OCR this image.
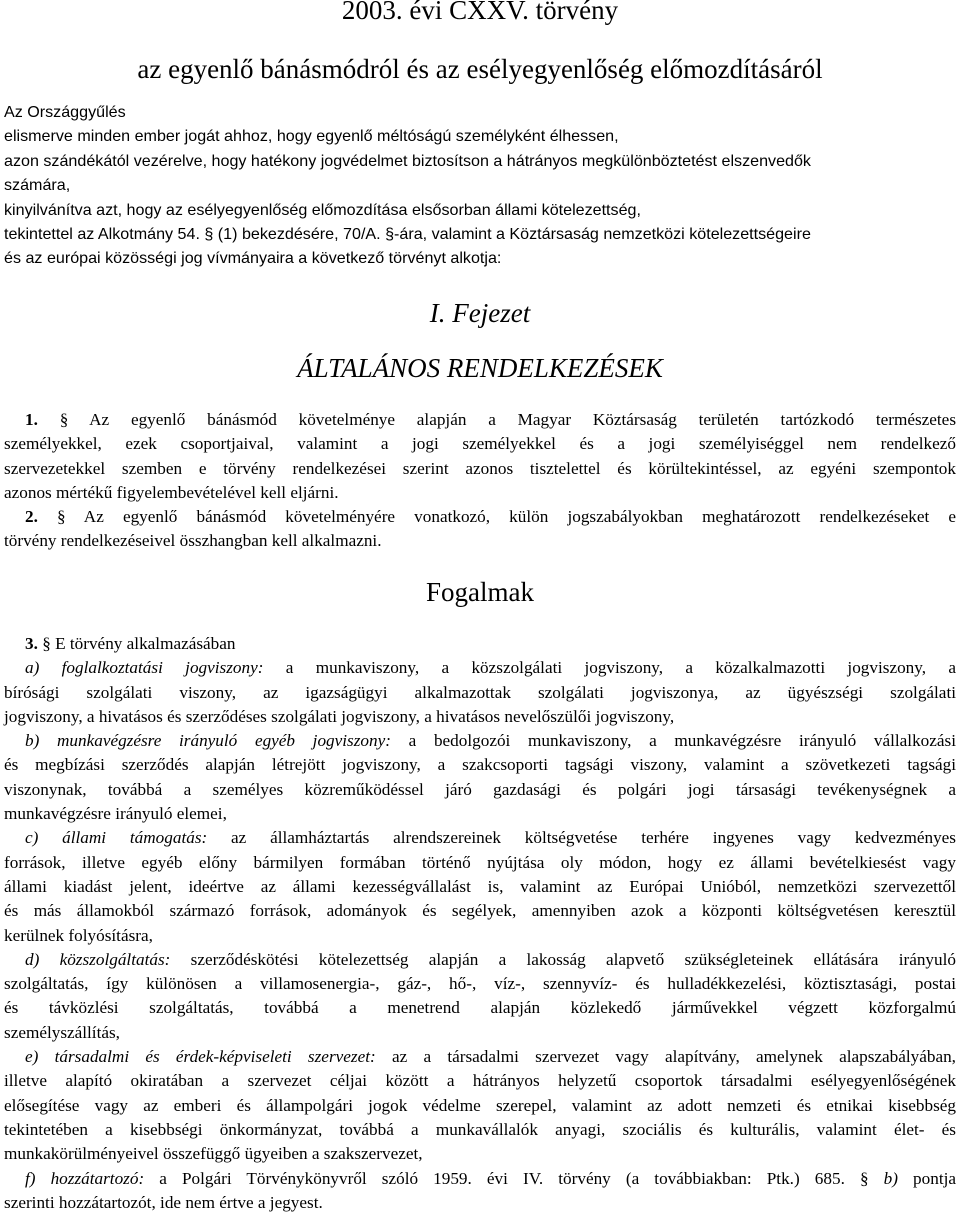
2003. évi CXXV. törvény
az egyenlő bánásmódról és az esélyegyenlőség előmozdításáról
Az Országgyűlés
elismerve minden ember jogát ahhoz, hogy egyenlő méltóságú személyként élhessen,
azon szándékától vezérelve, hogy hatékony jogvédelmet biztosítson a hátrányos megkülönböztetést elszenvedők
számára,
kinyilvánítva azt, hogy az esélyegyenlőség előmozdítása elsősorban állami kötelezettség,
tekintettel az Alkotmány 54. § (1) bekezdésére, 70/A. §-ára, valamint a Köztársaság nemzetközi kötelezettségeire
és az európai közösségi jog vívmányaira a következő törvényt alkotja:
I. Fejezet
ÁLTALÁNOS RENDELKEZÉSEK
1. § Az egyenlő bánásmód követelménye alapján a Magyar Köztársaság területén tartózkodó természetes
személyekkel, ezek csoportjaival, valamint a jogi személyekkel és a jogi személyiséggel nem rendelkező
szervezetekkel szemben e törvény rendelkezései szerint azonos tisztelettel és körültekintéssel, az egyéni szempontok
azonos mértékű figyelembevételével kell eljárni.
2. § Az egyenlő bánásmód követelményére vonatkozó, külön jogszabályokban meghatározott rendelkezéseket e
törvény rendelkezéseivel összhangban kell alkalmazni.
Fogalmak
3. § E törvény alkalmazásában
a) foglalkoztatási jogviszony: a munkaviszony, a közszolgálati jogviszony, a közalkalmazotti jogviszony, a
bírósági szolgálati viszony, az igazságügyi alkalmazottak szolgálati jogviszonya, az ügyészségi szolgálati
jogviszony, a hivatásos és szerződéses szolgálati jogviszony, a hivatásos nevelőszülői jogviszony,
b) munkavégzésre irányuló egyéb jogviszony: a bedolgozói munkaviszony, a munkavégzésre irányuló vállalkozási
és megbízási szerződés alapján létrejött jogviszony, a szakcsoporti tagsági viszony, valamint a szövetkezeti tagsági
viszonynak, továbbá a személyes közreműködéssel járó gazdasági és polgári jogi társasági tevékenységnek a
munkavégzésre irányuló elemei,
c) állami támogatás: az államháztartás alrendszereinek költségvetése terhére ingyenes vagy kedvezményes
források, illetve egyéb előny bármilyen formában történő nyújtása oly módon, hogy ez állami bevételkiesést vagy
állami kiadást jelent, ideértve az állami kezességvállalást is, valamint az Európai Unióból, nemzetközi szervezettől
és más államokból származó források, adományok és segélyek, amennyiben azok a központi költségvetésen keresztül
kerülnek folyósításra,
d) közszolgáltatás: szerződéskötési kötelezettség alapján a lakosság alapvető szükségleteinek ellátására irányuló
szolgáltatás, így különösen a villamosenergia-, gáz-, hő-, víz-, szennyvíz- és hulladékkezelési, köztisztasági, postai
és távközlési szolgáltatás, továbbá a menetrend alapján közlekedő járművekkel végzett közforgalmú
személyszállítás,
e) társadalmi és érdek-képviseleti szervezet: az a társadalmi szervezet vagy alapítvány, amelynek alapszabályában,
illetve alapító okiratában a szervezet céljai között a hátrányos helyzetű csoportok társadalmi esélyegyenlőségének
elősegítése vagy az emberi és állampolgári jogok védelme szerepel, valamint az adott nemzeti és etnikai kisebbség
tekintetében a kisebbségi önkormányzat, továbbá a munkavállalók anyagi, szociális és kulturális, valamint élet- és
munkakörülményeivel összefüggő ügyeiben a szakszervezet,
f) hozzátartozó: a Polgári Törvénykönyvről szóló 1959. évi IV. törvény (a továbbiakban: Ptk.) 685. § b) pontja
szerinti hozzátartozót, ide nem értve a jegyest.
